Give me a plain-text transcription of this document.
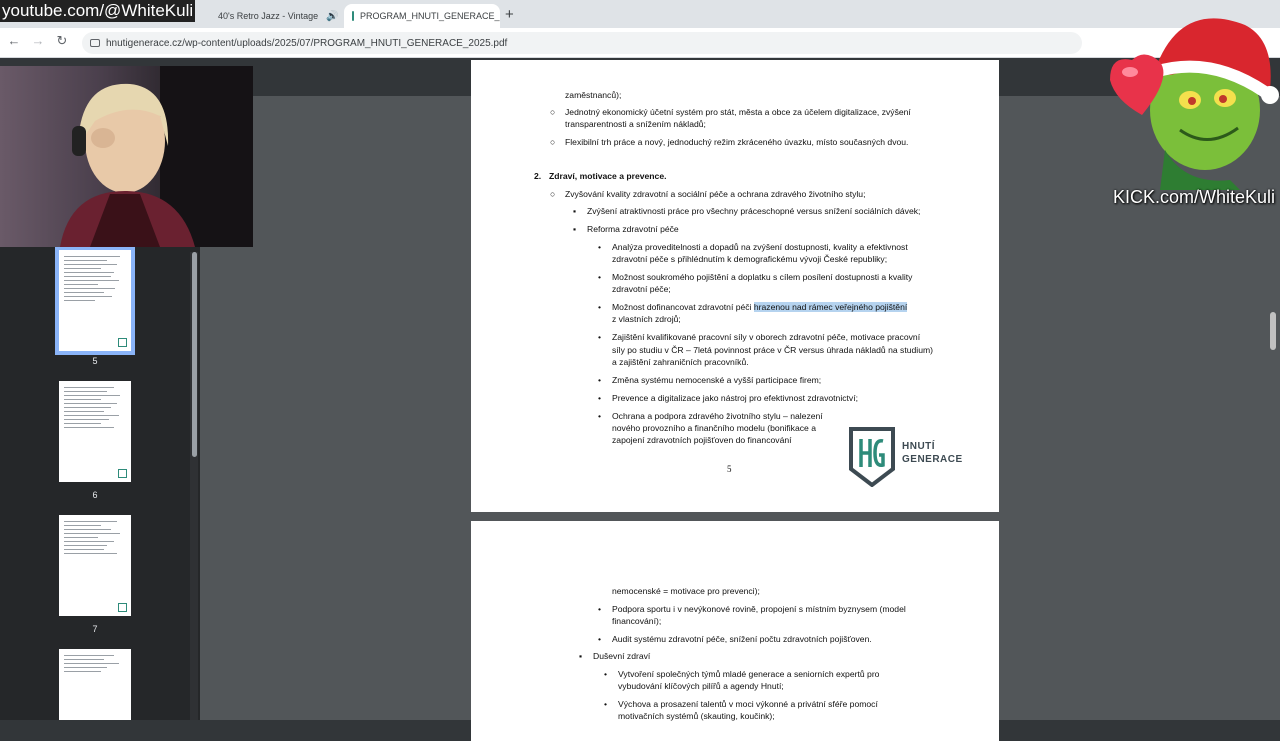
40's Retro Jazz - Vintage 🔊 PROGRAM_HNUTI_GENERACE_ +
← → ↻	hnutigenerace.cz/wp-content/uploads/2025/07/PROGRAM_HNUTI_GENERACE_2025.pdf
5
6
7
zaměstnanců);
○ Jednotný ekonomický účetní systém pro stát, města a obce za účelem digitalizace, zvýšení
transparentnosti a snížením nákladů;
○ Flexibilní trh práce a nový, jednoduchý režim zkráceného úvazku, místo současných dvou.
2. Zdraví, motivace a prevence.
○ Zvyšování kvality zdravotní a sociální péče a ochrana zdravého životního stylu;
▪ Zvýšení atraktivnosti práce pro všechny práceschopné versus snížení sociálních dávek;
▪ Reforma zdravotní péče
• Analýza proveditelnosti a dopadů na zvýšení dostupnosti, kvality a efektivnost
zdravotní péče s přihlédnutím k demografickému vývoji České republiky;
• Možnost soukromého pojištění a doplatku s cílem posílení dostupnosti a kvality
zdravotní péče;
• Možnost dofinancovat zdravotní péči hrazenou nad rámec veřejného pojištění
z vlastních zdrojů;
• Zajištění kvalifikované pracovní síly v oborech zdravotní péče, motivace pracovní
síly po studiu v ČR – 7letá povinnost práce v ČR versus úhrada nákladů na studium)
a zajištění zahraničních pracovníků.
• Změna systému nemocenské a vyšší participace firem;
• Prevence a digitalizace jako nástroj pro efektivnost zdravotnictví;
• Ochrana a podpora zdravého životního stylu – nalezení
nového provozního a finančního modelu (bonifikace a
zapojení zdravotních pojišťoven do financování
5
HNUTÍ
GENERACE
nemocenské = motivace pro prevenci);
• Podpora sportu i v nevýkonové rovině, propojení s místním byznysem (model
financování);
• Audit systému zdravotní péče, snížení počtu zdravotních pojišťoven.
▪ Duševní zdraví
• Vytvoření společných týmů mladé generace a seniorních expertů pro
vybudování klíčových pilířů a agendy Hnutí;
• Výchova a prosazení talentů v moci výkonné a privátní sféře pomocí
motivačních systémů (skauting, koučink);
youtube.com/@WhiteKuli
KICK.com/WhiteKuli
